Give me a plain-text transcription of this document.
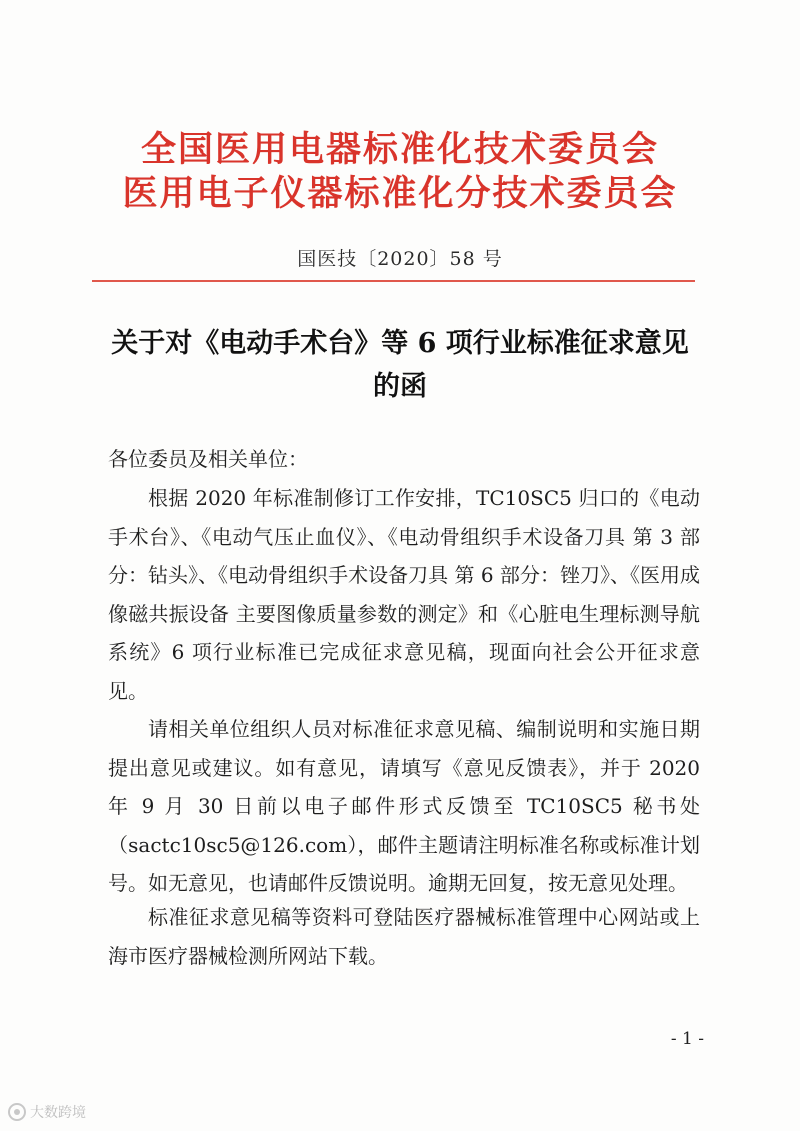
全国医用电器标准化技术委员会
医用电子仪器标准化分技术委员会
国医技〔2020〕58 号
关于对《电动手术台》等 6 项行业标准征求意见的函
各位委员及相关单位：
根据 2020 年标准制修订工作安排，TC10SC5 归口的《电动手术台》、《电动气压止血仪》、《电动骨组织手术设备刀具 第 3 部分：钻头》、《电动骨组织手术设备刀具 第 6 部分：锉刀》、《医用成像磁共振设备 主要图像质量参数的测定》和《心脏电生理标测导航系统》6 项行业标准已完成征求意见稿，现面向社会公开征求意见。
请相关单位组织人员对标准征求意见稿、编制说明和实施日期提出意见或建议。如有意见，请填写《意见反馈表》，并于 2020 年 9 月 30 日前以电子邮件形式反馈至 TC10SC5 秘书处（sactc10sc5@126.com），邮件主题请注明标准名称或标准计划号。如无意见，也请邮件反馈说明。逾期无回复，按无意见处理。
标准征求意见稿等资料可登陆医疗器械标准管理中心网站或上海市医疗器械检测所网站下载。
- 1 -
大数跨境
